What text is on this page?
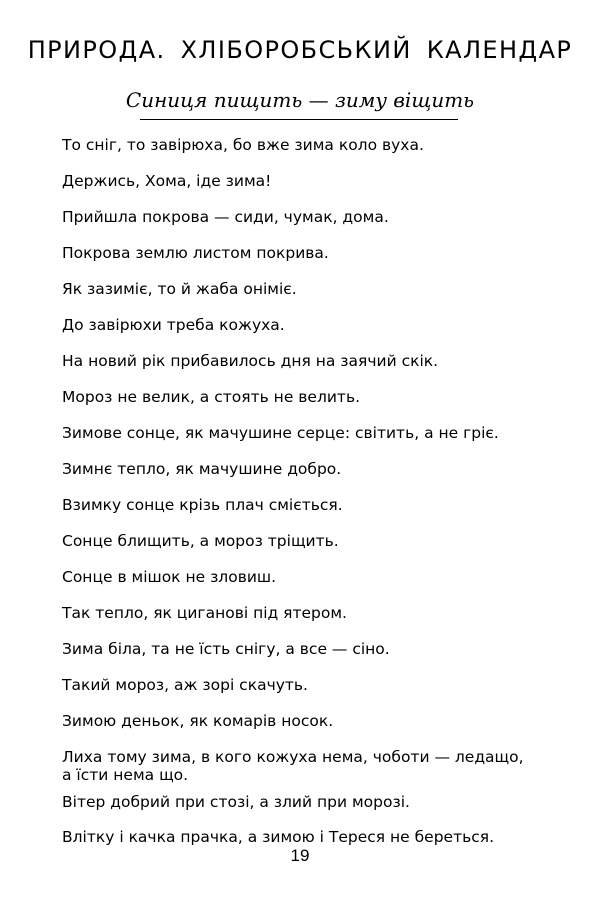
ПРИРОДА. ХЛІБОРОБСЬКИЙ КАЛЕНДАР
Синиця пищить — зиму віщить
То сніг, то завірюха, бо вже зима коло вуха.
Держись, Хома, іде зима!
Прийшла покрова — сиди, чумак, дома.
Покрова землю листом покрива.
Як зазиміє, то й жаба оніміє.
До завірюхи треба кожуха.
На новий рік прибавилось дня на заячий скік.
Мороз не велик, а стоять не велить.
Зимове сонце, як мачушине серце: світить, а не гріє.
Зимнє тепло, як мачушине добро.
Взимку сонце крізь плач сміється.
Сонце блищить, а мороз тріщить.
Сонце в мішок не зловиш.
Так тепло, як циганові під ятером.
Зима біла, та не їсть снігу, а все — сіно.
Такий мороз, аж зорі скачуть.
Зимою деньок, як комарів носок.
Лиха тому зима, в кого кожуха нема, чоботи — ледащо,
а їсти нема що.
Вітер добрий при стозі, а злий при морозі.
Влітку і качка прачка, а зимою і Тереся не береться.
19
